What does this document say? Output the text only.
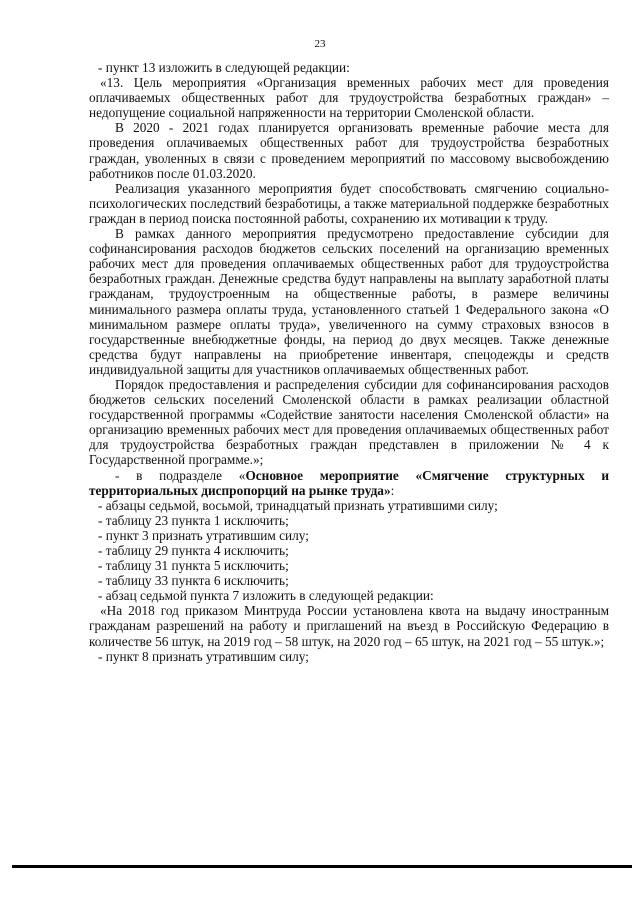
23

- пункт 13 изложить в следующей редакции:

«13. Цель мероприятия «Организация временных рабочих мест для проведения оплачиваемых общественных работ для трудоустройства безработных граждан» – недопущение социальной напряженности на территории Смоленской области.

В 2020 - 2021 годах планируется организовать временные рабочие места для проведения оплачиваемых общественных работ для трудоустройства безработных граждан, уволенных в связи с проведением мероприятий по массовому высвобождению работников после 01.03.2020.

Реализация указанного мероприятия будет способствовать смягчению социально-психологических последствий безработицы, а также материальной поддержке безработных граждан в период поиска постоянной работы, сохранению их мотивации к труду.

В рамках данного мероприятия предусмотрено предоставление субсидии для софинансирования расходов бюджетов сельских поселений на организацию временных рабочих мест для проведения оплачиваемых общественных работ для трудоустройства безработных граждан. Денежные средства будут направлены на выплату заработной платы гражданам, трудоустроенным на общественные работы, в размере величины минимального размера оплаты труда, установленного статьей 1 Федерального закона «О минимальном размере оплаты труда», увеличенного на сумму страховых взносов в государственные внебюджетные фонды, на период до двух месяцев. Также денежные средства будут направлены на приобретение инвентаря, спецодежды и средств индивидуальной защиты для участников оплачиваемых общественных работ.

Порядок предоставления и распределения субсидии для софинансирования расходов бюджетов сельских поселений Смоленской области в рамках реализации областной государственной программы «Содействие занятости населения Смоленской области» на организацию временных рабочих мест для проведения оплачиваемых общественных работ для трудоустройства безработных граждан представлен в приложении № 4 к Государственной программе.»;

- в подразделе «Основное мероприятие «Смягчение структурных и территориальных диспропорций на рынке труда»:

- абзацы седьмой, восьмой, тринадцатый признать утратившими силу;

- таблицу 23 пункта 1 исключить;

- пункт 3 признать утратившим силу;

- таблицу 29 пункта 4 исключить;

- таблицу 31 пункта 5 исключить;

- таблицу 33 пункта 6 исключить;

- абзац седьмой пункта 7 изложить в следующей редакции:

«На 2018 год приказом Минтруда России установлена квота на выдачу иностранным гражданам разрешений на работу и приглашений на въезд в Российскую Федерацию в количестве 56 штук, на 2019 год – 58 штук, на 2020 год – 65 штук, на 2021 год – 55 штук.»;

- пункт 8 признать утратившим силу;
